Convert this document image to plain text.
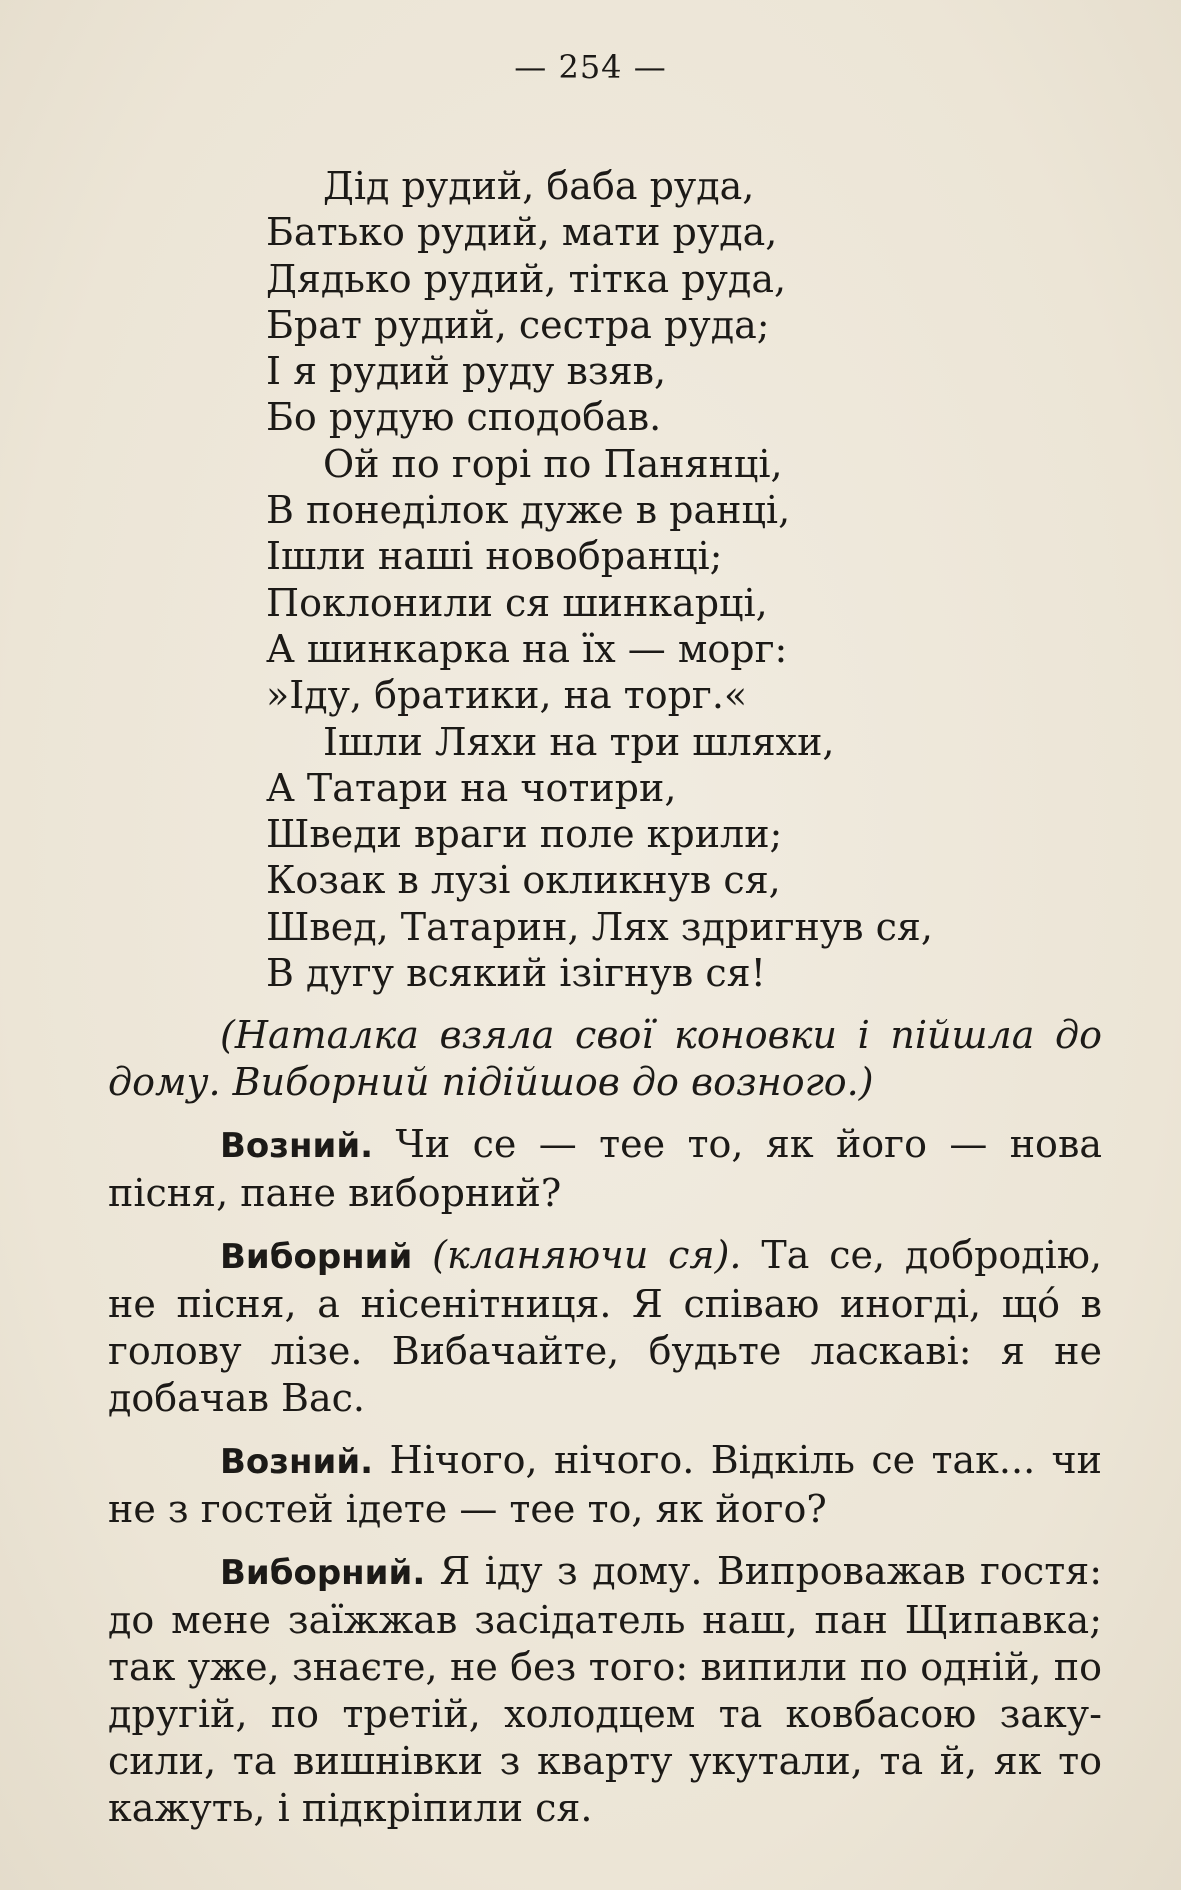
— 254 —
Дід рудий, баба руда,
Батько рудий, мати руда,
Дядько рудий, тітка руда,
Брат рудий, сестра руда;
І я рудий руду взяв,
Бо рудую сподобав.
Ой по горі по Панянці,
В понеділок дуже в ранці,
Ішли наші новобранці;
Поклонили ся шинкарці,
А шинкарка на їх — морг:
»Іду, братики, на торг.«
Ішли Ляхи на три шляхи,
А Татари на чотири,
Шведи враги поле крили;
Козак в лузі окликнув ся,
Швед, Татарин, Лях здригнув ся,
В дугу всякий ізігнув ся!

(Наталка взяла свої коновки і пійшла до дому. Виборний підійшов до возного.)

Возний. Чи се — тее то, як його — нова пісня, пане виборний?

Виборний (кланяючи ся). Та се, добродію, не пісня, а нісенітниця. Я співаю иногді, щó в голову лізе. Вибачайте, будьте ласкаві: я не добачав Вас.

Возний. Нічого, нічого. Відкіль се так... чи не з гостей ідете — тее то, як його?

Виборний. Я іду з дому. Випроважав гостя: до мене заїжжав засідатель наш, пан Щипавка; так уже, знаєте, не без того: випили по одній, по другій, по третій, холодцем та ковбасою закусили, та вишнівки з кварту укутали, та й, як то кажуть, і підкріпили ся.
